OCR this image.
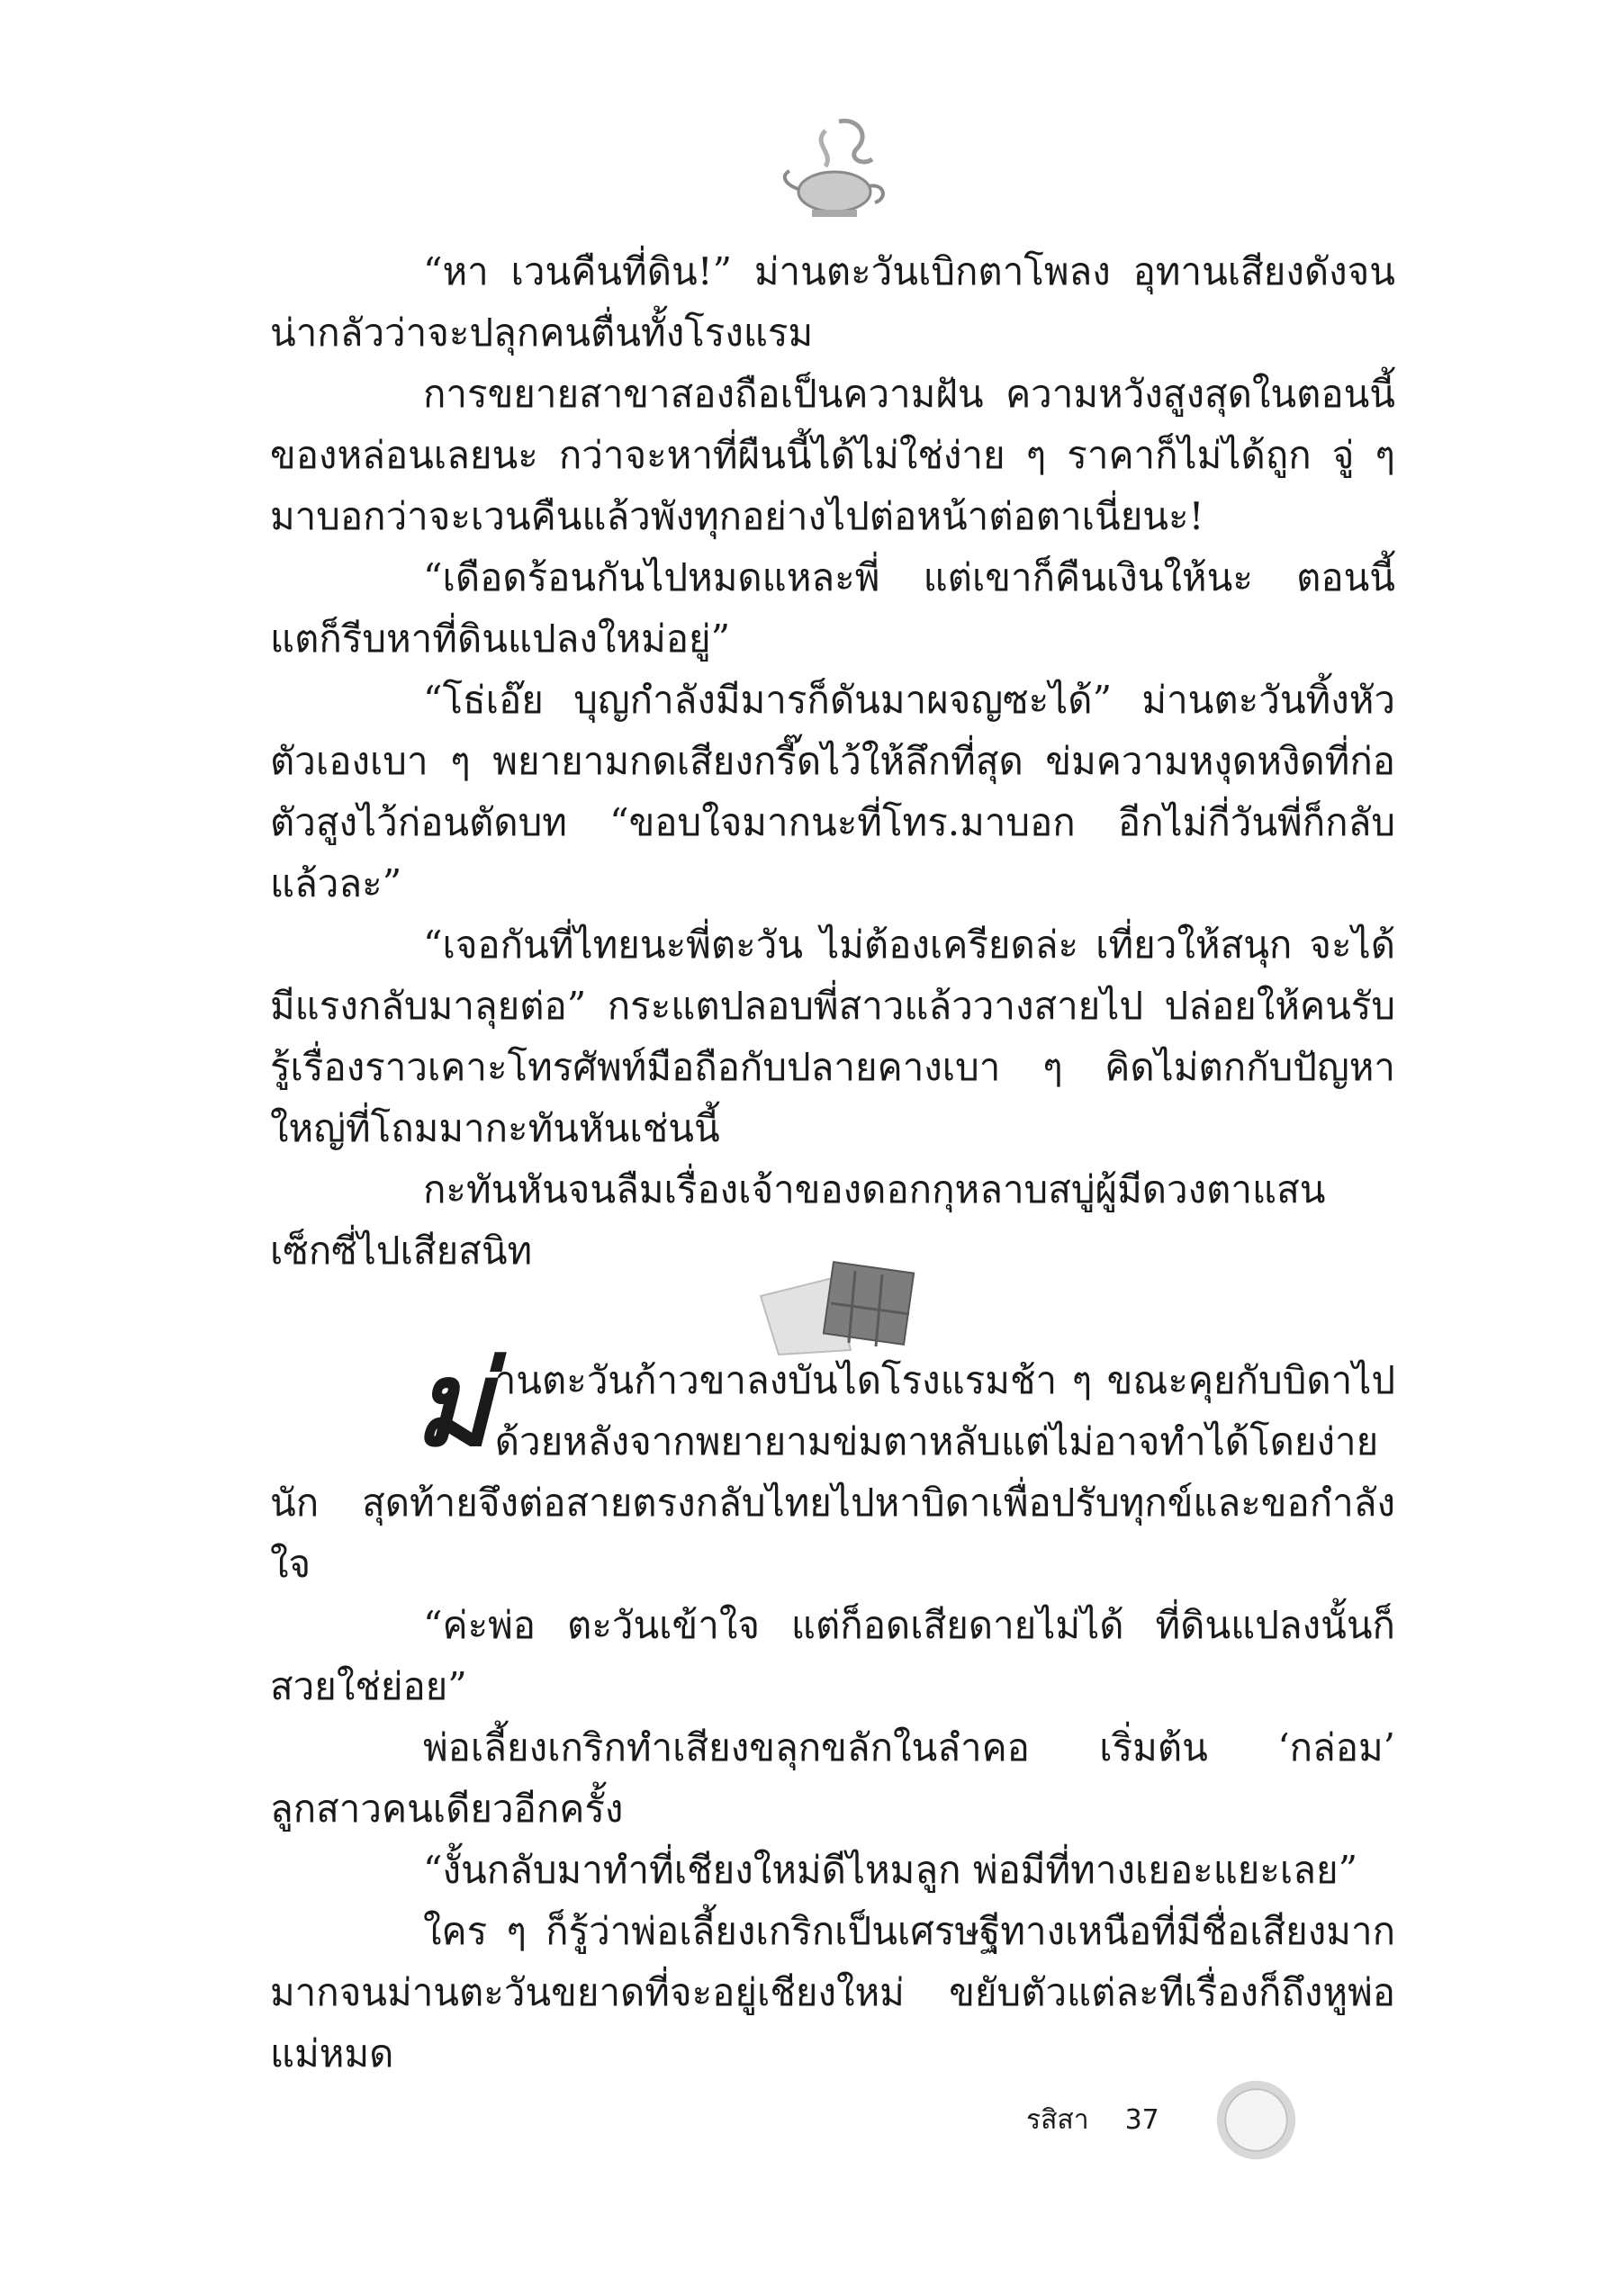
“หา เวนคืนที่ดิน!” ม่านตะวันเบิกตาโพลง อุทานเสียงดังจนน่ากลัวว่าจะปลุกคนตื่นทั้งโรงแรม

การขยายสาขาสองถือเป็นความฝัน ความหวังสูงสุดในตอนนี้ของหล่อนเลยนะ กว่าจะหาที่ผืนนี้ได้ไม่ใช่ง่าย ๆ ราคาก็ไม่ได้ถูก จู่ ๆ มาบอกว่าจะเวนคืนแล้วพังทุกอย่างไปต่อหน้าต่อตาเนี่ยนะ!

“เดือดร้อนกันไปหมดแหละพี่ แต่เขาก็คืนเงินให้นะ ตอนนี้แตก็รีบหาที่ดินแปลงใหม่อยู่”

“โธ่เอ๊ย บุญกำลังมีมารก็ดันมาผจญซะได้” ม่านตะวันทิ้งหัวตัวเองเบา ๆ พยายามกดเสียงกรี๊ดไว้ให้ลึกที่สุด ข่มความหงุดหงิดที่ก่อตัวสูงไว้ก่อนตัดบท “ขอบใจมากนะที่โทร.มาบอก อีกไม่กี่วันพี่ก็กลับแล้วละ”

“เจอกันที่ไทยนะพี่ตะวัน ไม่ต้องเครียดล่ะ เที่ยวให้สนุก จะได้มีแรงกลับมาลุยต่อ” กระแตปลอบพี่สาวแล้ววางสายไป ปล่อยให้คนรับรู้เรื่องราวเคาะโทรศัพท์มือถือกับปลายคางเบา ๆ คิดไม่ตกกับปัญหาใหญ่ที่โถมมากะทันหันเช่นนี้

กะทันหันจนลืมเรื่องเจ้าของดอกกุหลาบสบู่ผู้มีดวงตาแสนเซ็กซี่ไปเสียสนิท

ม่ านตะวันก้าวขาลงบันไดโรงแรมช้า ๆ ขณะคุยกับบิดาไปด้วยหลังจากพยายามข่มตาหลับแต่ไม่อาจทำได้โดยง่ายนัก สุดท้ายจึงต่อสายตรงกลับไทยไปหาบิดาเพื่อปรับทุกข์และขอกำลังใจ

“ค่ะพ่อ ตะวันเข้าใจ แต่ก็อดเสียดายไม่ได้ ที่ดินแปลงนั้นก็สวยใช่ย่อย”

พ่อเลี้ยงเกริกทำเสียงขลุกขลักในลำคอ เริ่มต้น ‘กล่อม’ ลูกสาวคนเดียวอีกครั้ง

“งั้นกลับมาทำที่เชียงใหม่ดีไหมลูก พ่อมีที่ทางเยอะแยะเลย”

ใคร ๆ ก็รู้ว่าพ่อเลี้ยงเกริกเป็นเศรษฐีทางเหนือที่มีชื่อเสียงมาก มากจนม่านตะวันขยาดที่จะอยู่เชียงใหม่ ขยับตัวแต่ละทีเรื่องก็ถึงหูพ่อแม่หมด

รสิสา 37
